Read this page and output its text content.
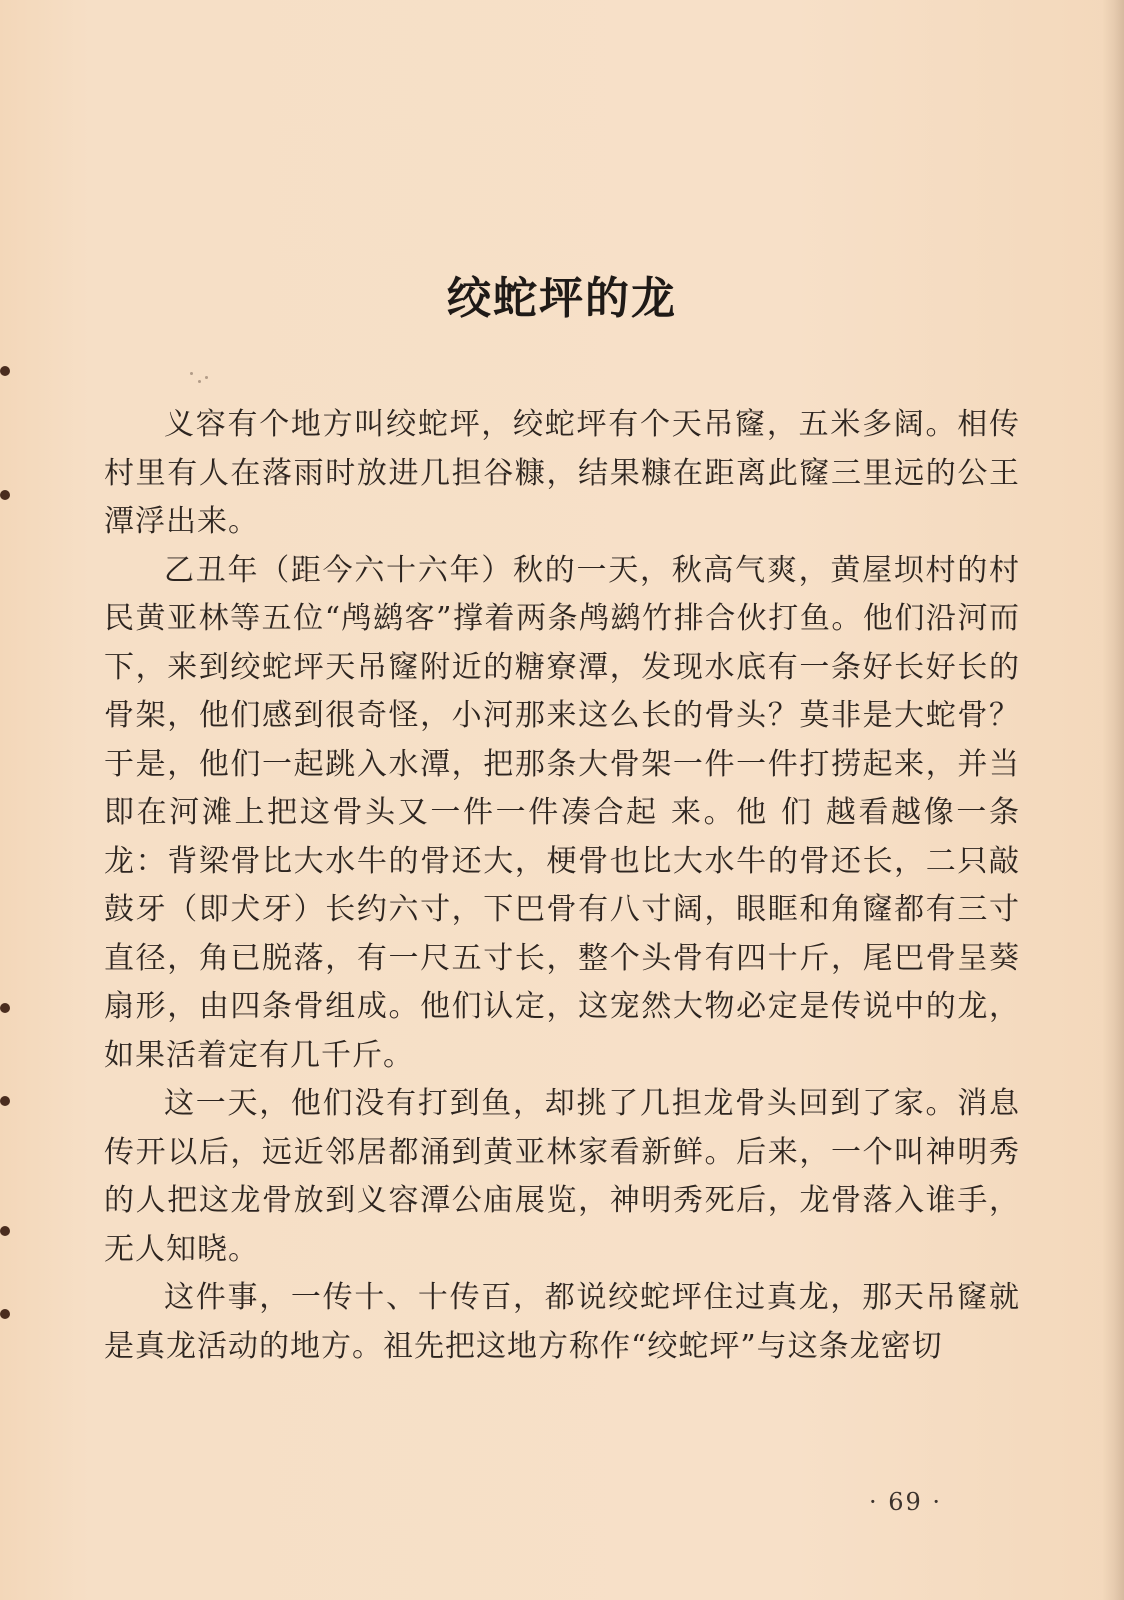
绞蛇坪的龙

义容有个地方叫绞蛇坪，绞蛇坪有个天吊窿，五米多阔。相传村里有人在落雨时放进几担谷糠，结果糠在距离此窿三里远的公王潭浮出来。

乙丑年（距今六十六年）秋的一天，秋高气爽，黄屋坝村的村民黄亚林等五位“鸬鹚客”撑着两条鸬鹚竹排合伙打鱼。他们沿河而下，来到绞蛇坪天吊窿附近的糖寮潭，发现水底有一条好长好长的骨架，他们感到很奇怪，小河那来这么长的骨头？莫非是大蛇骨？于是，他们一起跳入水潭，把那条大骨架一件一件打捞起来，并当即在河滩上把这骨头又一件一件凑合起 来。他 们 越看越像一条龙：背梁骨比大水牛的骨还大，梗骨也比大水牛的骨还长，二只敲鼓牙（即犬牙）长约六寸，下巴骨有八寸阔，眼眶和角窿都有三寸直径，角已脱落，有一尺五寸长，整个头骨有四十斤，尾巴骨呈葵扇形，由四条骨组成。他们认定，这宠然大物必定是传说中的龙，如果活着定有几千斤。

这一天，他们没有打到鱼，却挑了几担龙骨头回到了家。消息传开以后，远近邻居都涌到黄亚林家看新鲜。后来，一个叫神明秀的人把这龙骨放到义容潭公庙展览，神明秀死后，龙骨落入谁手，无人知晓。

这件事，一传十、十传百，都说绞蛇坪住过真龙，那天吊窿就是真龙活动的地方。祖先把这地方称作“绞蛇坪”与这条龙密切

· 69 ·
